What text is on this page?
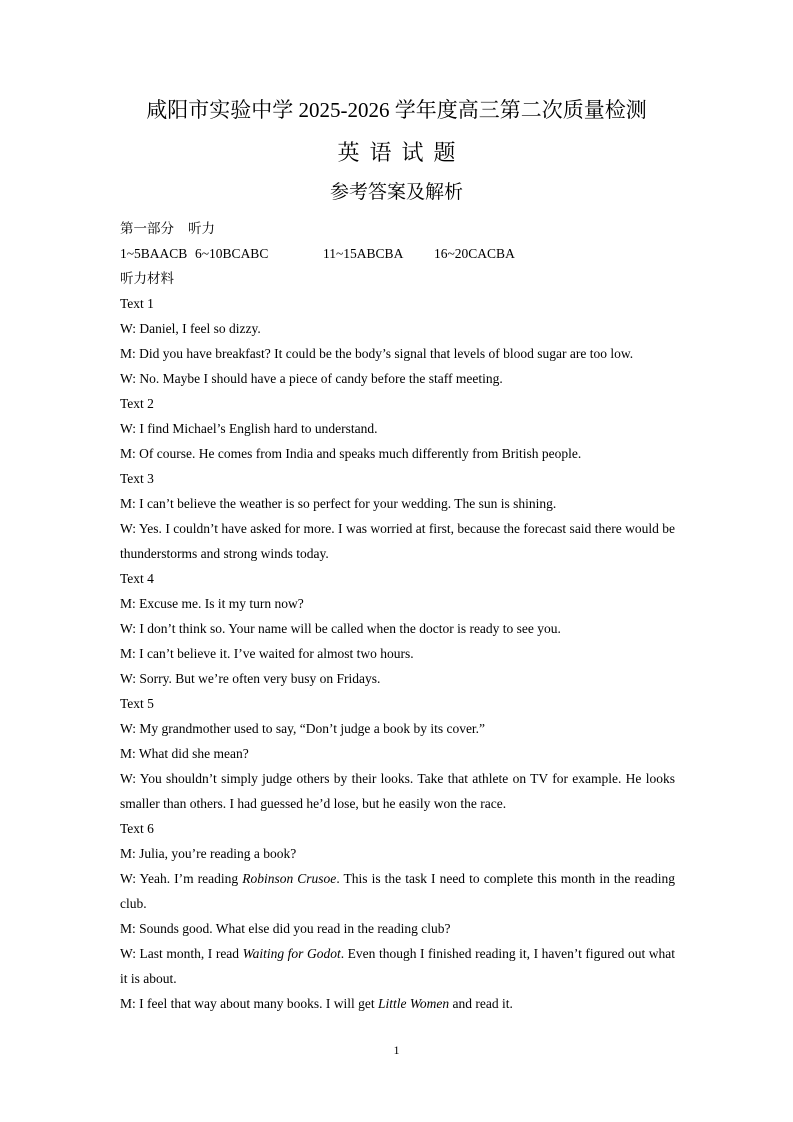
咸阳市实验中学 2025-2026 学年度高三第二次质量检测
英语试题
参考答案及解析
第一部分 听力
1~5BAACB 6~10BCABC	11~15ABCBA 16~20CACBA
听力材料
Text 1
W: Daniel, I feel so dizzy.
M: Did you have breakfast? It could be the body’s signal that levels of blood sugar are too low.
W: No. Maybe I should have a piece of candy before the staff meeting.
Text 2
W: I find Michael’s English hard to understand.
M: Of course. He comes from India and speaks much differently from British people.
Text 3
M: I can’t believe the weather is so perfect for your wedding. The sun is shining.
W: Yes. I couldn’t have asked for more. I was worried at first, because the forecast said there would be thunderstorms and strong winds today.
Text 4
M: Excuse me. Is it my turn now?
W: I don’t think so. Your name will be called when the doctor is ready to see you.
M: I can’t believe it. I’ve waited for almost two hours.
W: Sorry. But we’re often very busy on Fridays.
Text 5
W: My grandmother used to say, “Don’t judge a book by its cover.”
M: What did she mean?
W: You shouldn’t simply judge others by their looks. Take that athlete on TV for example. He looks smaller than others. I had guessed he’d lose, but he easily won the race.
Text 6
M: Julia, you’re reading a book?
W: Yeah. I’m reading Robinson Crusoe. This is the task I need to complete this month in the reading club.
M: Sounds good. What else did you read in the reading club?
W: Last month, I read Waiting for Godot. Even though I finished reading it, I haven’t figured out what it is about.
M: I feel that way about many books. I will get Little Women and read it.
1
